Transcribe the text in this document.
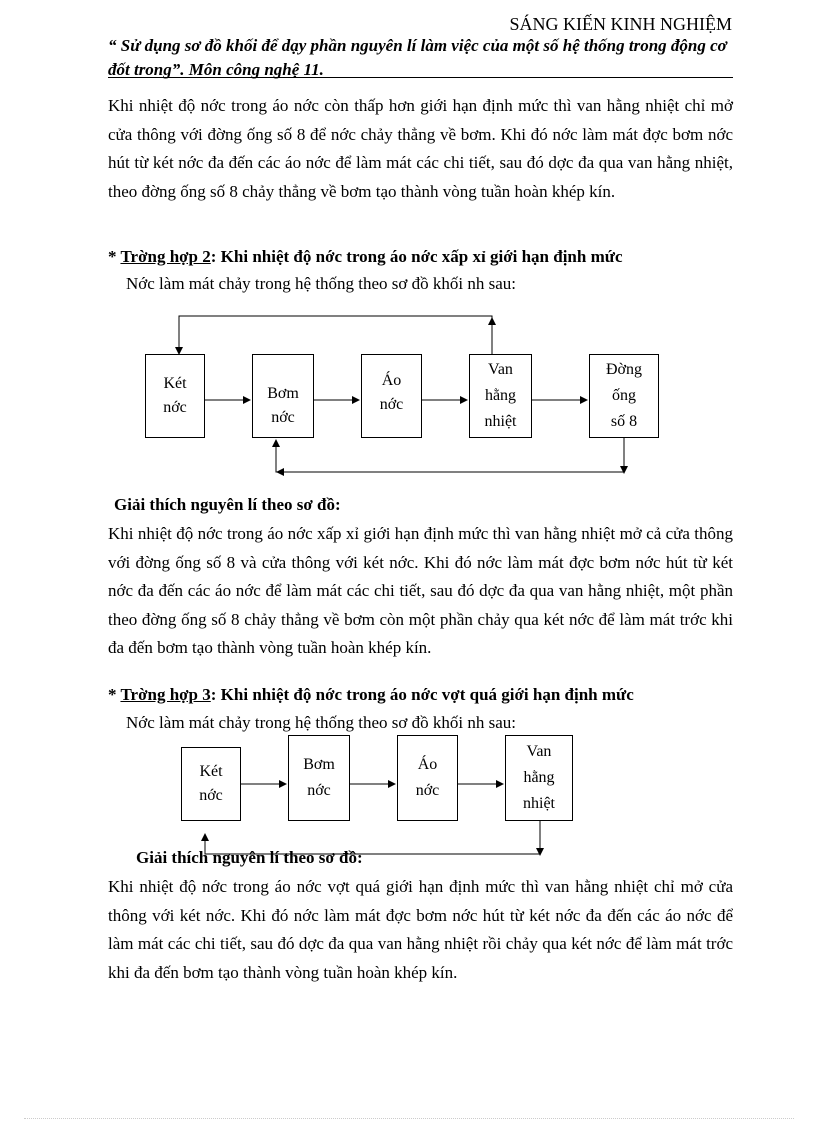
SÁNG KIẾN KINH NGHIỆM
“ Sử dụng sơ đồ khối để dạy phần nguyên lí làm việc của một số hệ thống trong động cơ đốt trong”. Môn công nghệ 11.
Khi nhiệt độ nớc trong áo nớc còn thấp hơn giới hạn định mức thì van hằng nhiệt chỉ mở cửa thông với đờng ống số 8 để nớc chảy thẳng về bơm. Khi đó nớc làm mát đợc bơm nớc hút từ két nớc đa đến các áo nớc để làm mát các chi tiết, sau đó dợc đa qua van hằng nhiệt, theo đờng ống số 8 chảy thẳng về bơm tạo thành vòng tuần hoàn khép kín.
* Trờng hợp 2: Khi nhiệt độ nớc trong áo nớc xấp xỉ giới hạn định mức
Nớc làm mát chảy trong hệ thống theo sơ đồ khối nh sau:
Két
nớc
Bơm
nớc
Áo
nớc
Van
hằng
nhiệt
Đờng
ống
số 8
Giải thích nguyên lí theo sơ đồ:
Khi nhiệt độ nớc trong áo nớc xấp xỉ giới hạn định mức thì van hằng nhiệt mở cả cửa thông với đờng ống số 8 và cửa thông với két nớc. Khi đó nớc làm mát đợc bơm nớc hút từ két nớc đa đến các áo nớc để làm mát các chi tiết, sau đó dợc đa qua van hằng nhiệt, một phần theo đờng ống số 8 chảy thẳng về bơm còn một phần chảy qua két nớc để làm mát trớc khi đa đến bơm tạo thành vòng tuần hoàn khép kín.
* Trờng hợp 3: Khi nhiệt độ nớc trong áo nớc vợt quá giới hạn định mức
Nớc làm mát chảy trong hệ thống theo sơ đồ khối nh sau:
Két
nớc
Bơm
nớc
Áo
nớc
Van
hằng
nhiệt
Giải thích nguyên lí theo sơ đồ:
Khi nhiệt độ nớc trong áo nớc vợt quá giới hạn định mức thì van hằng nhiệt chỉ mở cửa thông với két nớc. Khi đó nớc làm mát đợc bơm nớc hút từ két nớc đa đến các áo nớc để làm mát các chi tiết, sau đó dợc đa qua van hằng nhiệt rồi chảy qua két nớc để làm mát trớc khi đa đến bơm tạo thành vòng tuần hoàn khép kín.
